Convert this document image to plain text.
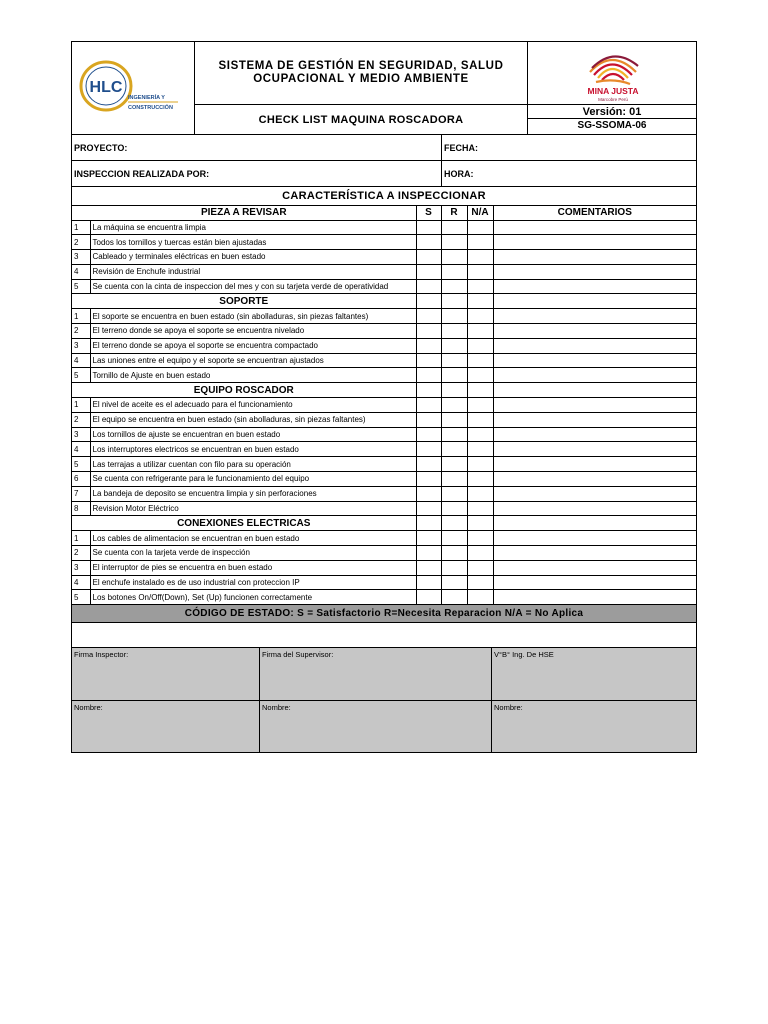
HLC
INGENIERÍA Y
CONSTRUCCIÓN
SISTEMA DE GESTIÓN EN SEGURIDAD, SALUD OCUPACIONAL Y MEDIO AMBIENTE
CHECK LIST MAQUINA ROSCADORA
MINA JUSTA
Marcobre Perú
Versión: 01
SG-SSOMA-06
PROYECTO:	FECHA:
INSPECCION REALIZADA POR:	HORA:
CARACTERÍSTICA A INSPECCIONAR
PIEZA A REVISAR		S	R	N/A	COMENTARIOS
1	La máquina se encuentra limpia				
2	Todos los tornillos y tuercas están bien ajustadas				
3	Cableado y terminales eléctricas en buen estado				
4	Revisión de Enchufe industrial				
5	Se cuenta con la cinta de inspeccion del mes y con su tarjeta verde de operatividad				
SOPORTE					
1	El soporte se encuentra en buen estado (sin abolladuras, sin piezas faltantes)				
2	El terreno donde se apoya el soporte se encuentra nivelado				
3	El terreno donde se apoya el soporte se encuentra compactado				
4	Las uniones entre el equipo y el soporte se encuentran ajustados				
5	Tornillo de Ajuste en buen estado				
EQUIPO ROSCADOR					
1	El nivel de aceite es el adecuado para el funcionamiento				
2	El equipo se encuentra en buen estado (sin abolladuras, sin piezas faltantes)				
3	Los tornillos de ajuste se encuentran en buen estado				
4	Los interruptores electricos se encuentran en buen estado				
5	Las terrajas a utilizar cuentan con filo para su operación				
6	Se cuenta con refrigerante para le funcionamiento del equipo				
7	La bandeja de deposito se encuentra limpia y sin perforaciones				
8	Revision Motor Eléctrico				
CONEXIONES ELECTRICAS					
1	Los cables de alimentacion se encuentran en buen estado				
2	Se cuenta con la tarjeta verde de inspección				
3	El interruptor de pies se encuentra en buen estado				
4	El enchufe instalado es de uso industrial con proteccion IP				
5	Los botones On/Off(Down), Set (Up) funcionen correctamente				
CÓDIGO DE ESTADO: S = Satisfactorio R=Necesita Reparacion N/A = No Aplica
Firma Inspector:	Firma del Supervisor:	V°B° Ing. De HSE
Nombre:	Nombre:	Nombre:
